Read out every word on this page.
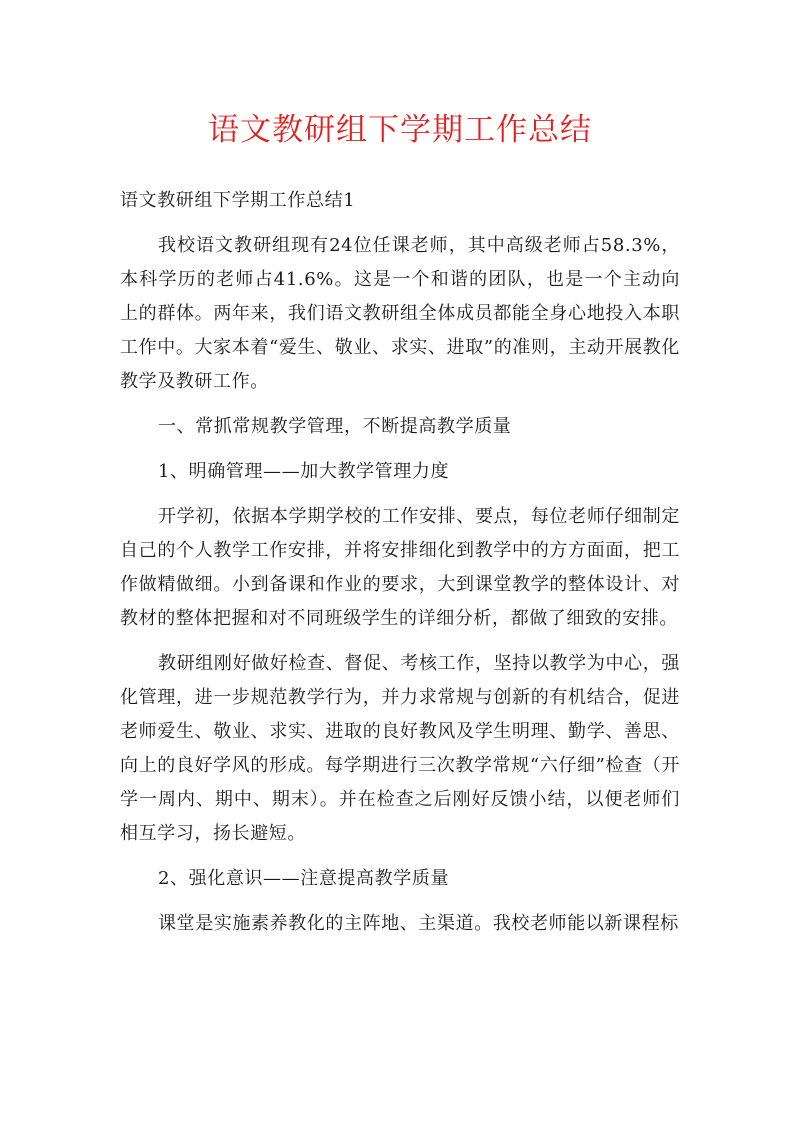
语文教研组下学期工作总结
语文教研组下学期工作总结1

我校语文教研组现有24位任课老师，其中高级老师占58.3%，本科学历的老师占41.6%。这是一个和谐的团队，也是一个主动向上的群体。两年来，我们语文教研组全体成员都能全身心地投入本职工作中。大家本着“爱生、敬业、求实、进取”的准则，主动开展教化教学及教研工作。

一、常抓常规教学管理，不断提高教学质量

1、明确管理——加大教学管理力度

开学初，依据本学期学校的工作安排、要点，每位老师仔细制定自己的个人教学工作安排，并将安排细化到教学中的方方面面，把工作做精做细。小到备课和作业的要求，大到课堂教学的整体设计、对教材的整体把握和对不同班级学生的详细分析，都做了细致的安排。

教研组刚好做好检查、督促、考核工作，坚持以教学为中心，强化管理，进一步规范教学行为，并力求常规与创新的有机结合，促进老师爱生、敬业、求实、进取的良好教风及学生明理、勤学、善思、向上的良好学风的形成。每学期进行三次教学常规“六仔细”检查（开学一周内、期中、期末）。并在检查之后刚好反馈小结，以便老师们相互学习，扬长避短。

2、强化意识——注意提高教学质量

课堂是实施素养教化的主阵地、主渠道。我校老师能以新课程标
